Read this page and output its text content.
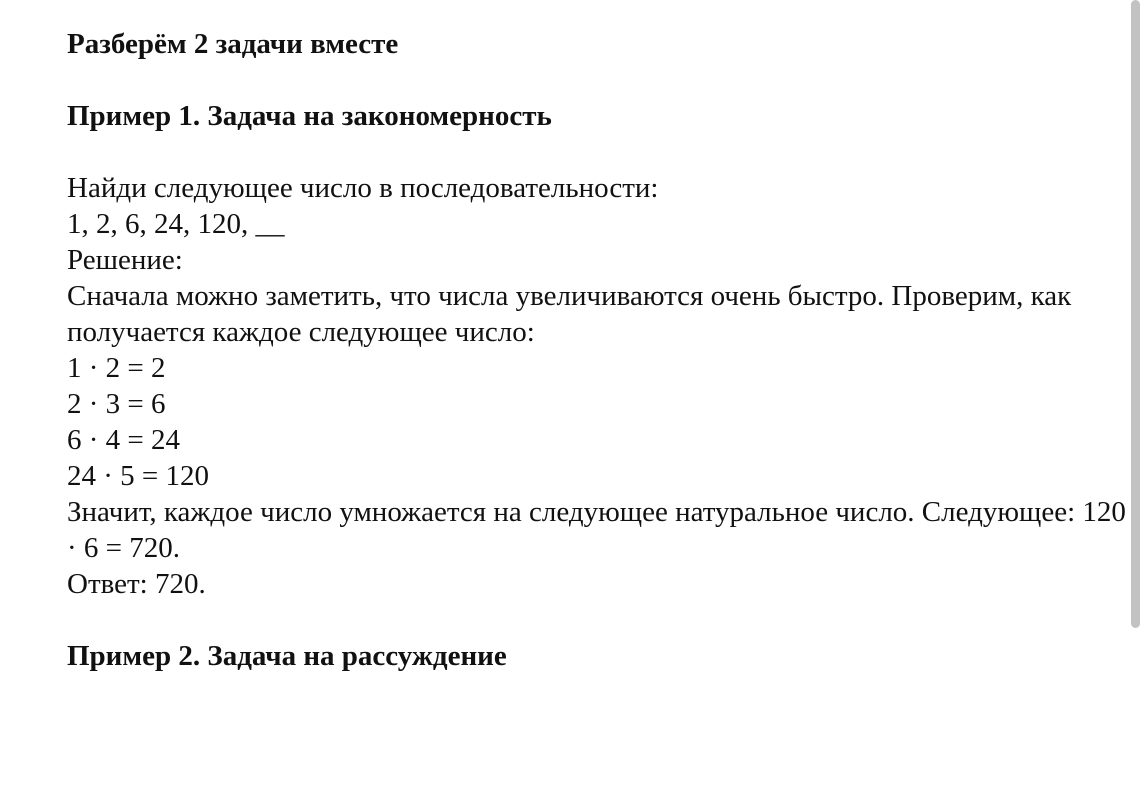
Разберём 2 задачи вместе
Пример 1. Задача на закономерность
Найди следующее число в последовательности:
1, 2, 6, 24, 120, __
Решение:
Сначала можно заметить, что числа увеличиваются очень быстро. Проверим, как
получается каждое следующее число:
1 · 2 = 2
2 · 3 = 6
6 · 4 = 24
24 · 5 = 120
Значит, каждое число умножается на следующее натуральное число. Следующее: 120
· 6 = 720.
Ответ: 720.
Пример 2. Задача на рассуждение
